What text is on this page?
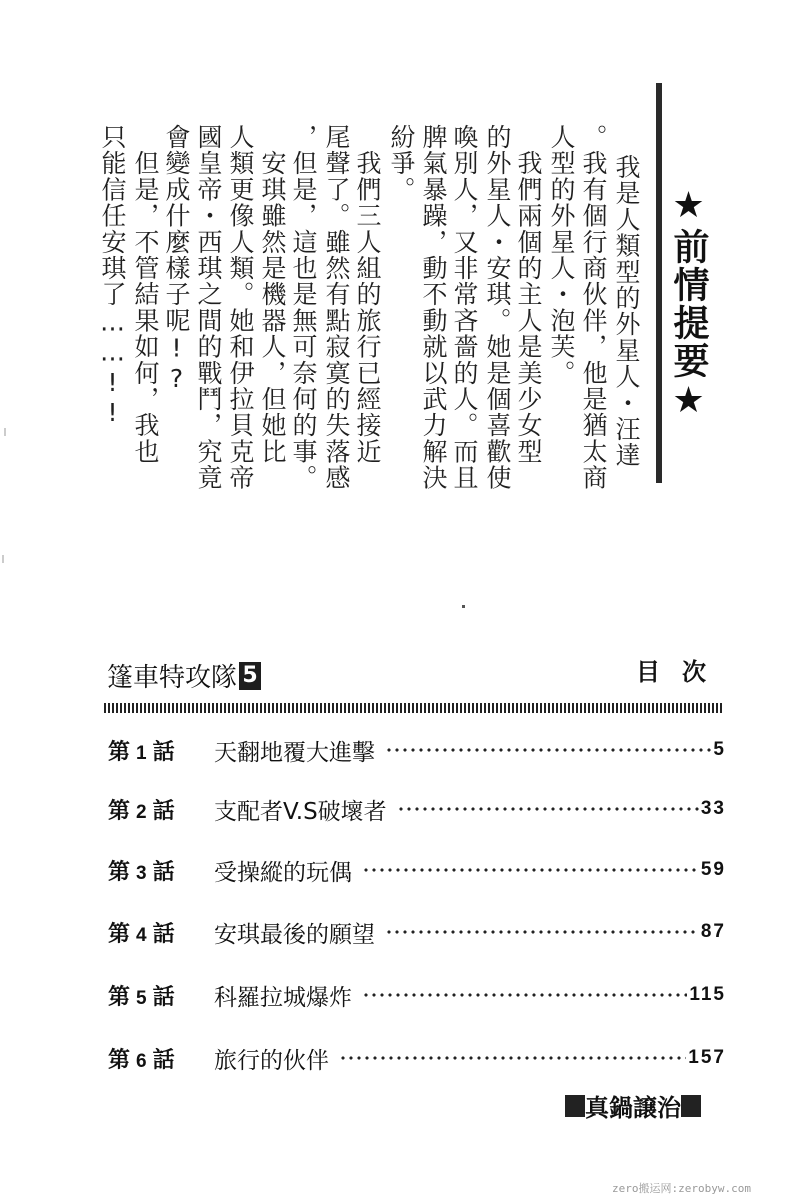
★前情提要★
我是人類型的外星人・汪達
。我有個行商伙伴，他是猶太商
人型的外星人・泡芙。
　我們兩個的主人是美少女型
的外星人・安琪。她是個喜歡使
喚別人，又非常吝嗇的人。而且
脾氣暴躁，動不動就以武力解決
紛爭。
　我們三人組的旅行已經接近
尾聲了。雖然有點寂寞的失落感
，但是，這也是無可奈何的事。
　安琪雖然是機器人，但她比
人類更像人類。她和伊拉貝克帝
國皇帝・西琪之間的戰鬥，究竟
會變成什麼樣子呢!?
　但是，不管結果如何，我也
只能信任安琪了……!!
篷車特攻隊 5	目次
第 1 話	天翻地覆大進擊	5
第 2 話	支配者V.S破壞者	33
第 3 話	受操縱的玩偶	59
第 4 話	安琪最後的願望	87
第 5 話	科羅拉城爆炸	115
第 6 話	旅行的伙伴	157
真鍋譲治
zero搬运网:zerobyw.com
